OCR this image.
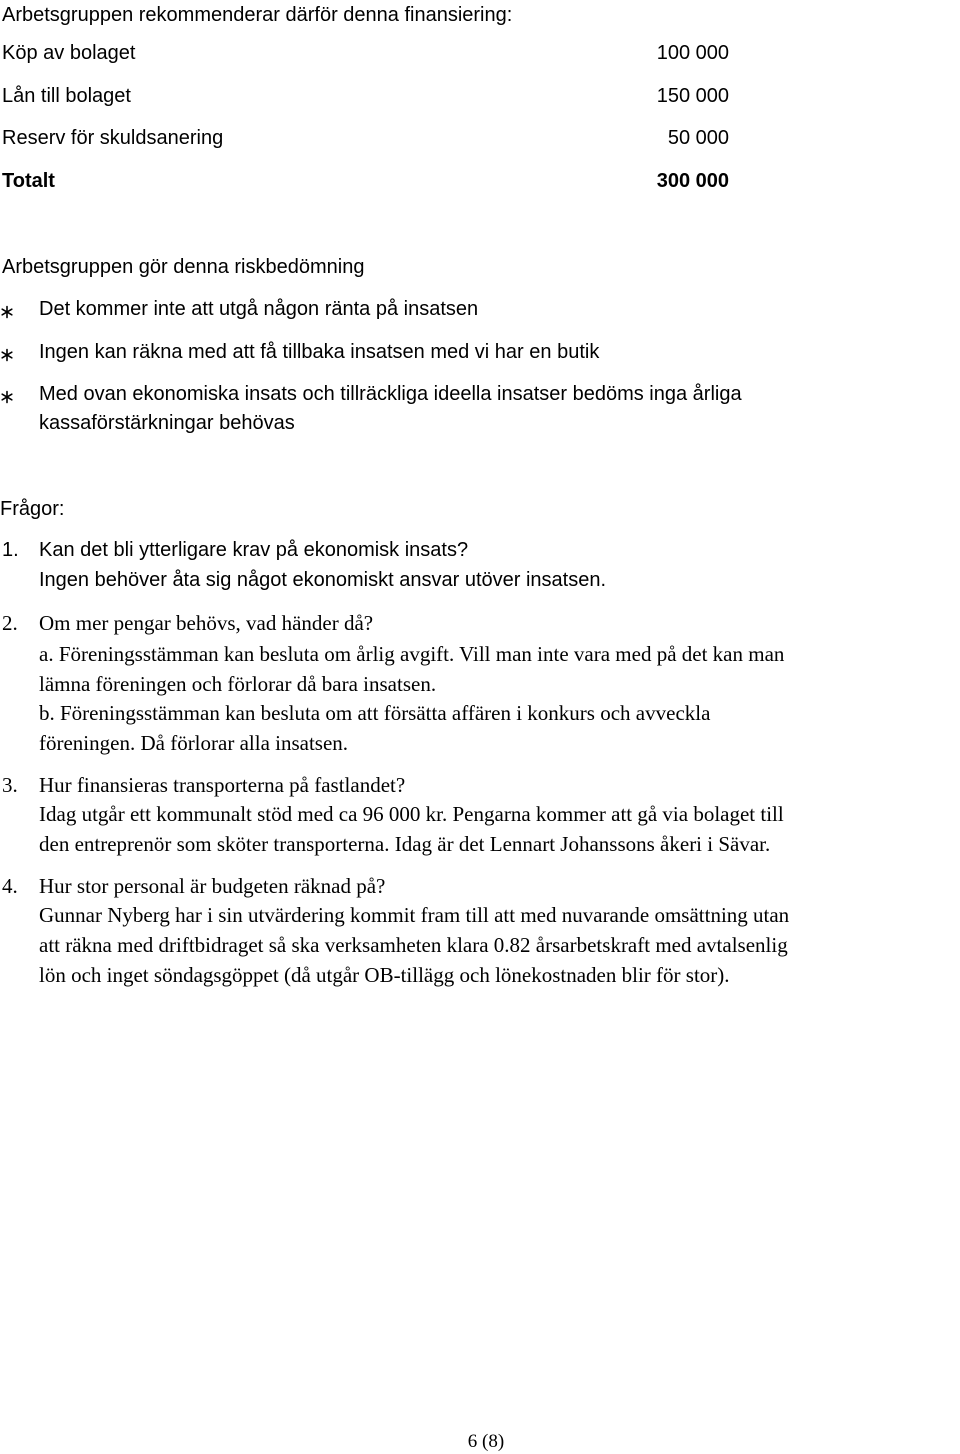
Arbetsgruppen rekommenderar därför denna finansiering:
Köp av bolaget	100 000
Lån till bolaget	150 000
Reserv för skuldsanering	50 000
Totalt	300 000
Arbetsgruppen gör denna riskbedömning
Det kommer inte att utgå någon ränta på insatsen
Ingen kan räkna med att få tillbaka insatsen med vi har en butik
Med ovan ekonomiska insats och tillräckliga ideella insatser bedöms inga årliga
kassaförstärkningar behövas
Frågor:
1. Kan det bli ytterligare krav på ekonomisk insats?
Ingen behöver åta sig något ekonomiskt ansvar utöver insatsen.
2. Om mer pengar behövs, vad händer då?
a. Föreningsstämman kan besluta om årlig avgift. Vill man inte vara med på det kan man
lämna föreningen och förlorar då bara insatsen.
b. Föreningsstämman kan besluta om att försätta affären i konkurs och avveckla
föreningen. Då förlorar alla insatsen.
3. Hur finansieras transporterna på fastlandet?
Idag utgår ett kommunalt stöd med ca 96 000 kr. Pengarna kommer att gå via bolaget till
den entreprenör som sköter transporterna. Idag är det Lennart Johanssons åkeri i Sävar.
4. Hur stor personal är budgeten räknad på?
Gunnar Nyberg har i sin utvärdering kommit fram till att med nuvarande omsättning utan
att räkna med driftbidraget så ska verksamheten klara 0.82 årsarbetskraft med avtalsenlig
lön och inget söndagsgöppet (då utgår OB-tillägg och lönekostnaden blir för stor).
6 (8)
